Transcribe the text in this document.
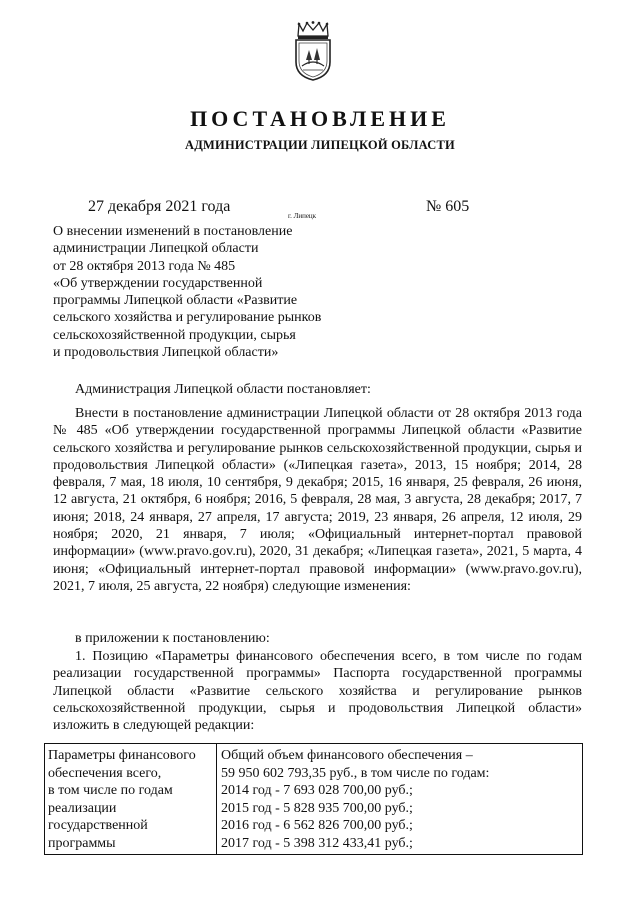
ПОСТАНОВЛЕНИЕ
АДМИНИСТРАЦИИ ЛИПЕЦКОЙ ОБЛАСТИ
27 декабря 2021 года
г. Липецк
№ 605
О внесении изменений в постановление
администрации Липецкой области
от 28 октября 2013 года № 485
«Об утверждении государственной
программы Липецкой области «Развитие
сельского хозяйства и регулирование рынков
сельскохозяйственной продукции, сырья
и продовольствия Липецкой области»
Администрация Липецкой области постановляет:
Внести в постановление администрации Липецкой области от 28 октября 2013 года № 485 «Об утверждении государственной программы Липецкой области «Развитие сельского хозяйства и регулирование рынков сельскохозяйственной продукции, сырья и продовольствия Липецкой области» («Липецкая газета», 2013, 15 ноября; 2014, 28 февраля, 7 мая, 18 июля, 10 сентября, 9 декабря; 2015, 16 января, 25 февраля, 26 июня, 12 августа, 21 октября, 6 ноября; 2016, 5 февраля, 28 мая, 3 августа, 28 декабря; 2017, 7 июня; 2018, 24 января, 27 апреля, 17 августа; 2019, 23 января, 26 апреля, 12 июля, 29 ноября; 2020, 21 января, 7 июля; «Официальный интернет-портал правовой информации» (www.pravo.gov.ru), 2020, 31 декабря; «Липецкая газета», 2021, 5 марта, 4 июня; «Официальный интернет-портал правовой информации» (www.pravo.gov.ru), 2021, 7 июля, 25 августа, 22 ноября) следующие изменения:
в приложении к постановлению:
1. Позицию «Параметры финансового обеспечения всего, в том числе по годам реализации государственной программы» Паспорта государственной программы Липецкой области «Развитие сельского хозяйства и регулирование рынков сельскохозяйственной продукции, сырья и продовольствия Липецкой области» изложить в следующей редакции:
Параметры финансового
обеспечения всего,
в том числе по годам
реализации
государственной
программы

Общий объем финансового обеспечения –
59 950 602 793,35 руб., в том числе по годам:
2014 год - 7 693 028 700,00 руб.;
2015 год - 5 828 935 700,00 руб.;
2016 год - 6 562 826 700,00 руб.;
2017 год - 5 398 312 433,41 руб.;
